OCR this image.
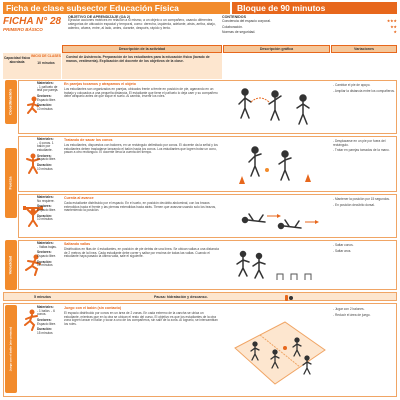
Ficha de clase subsector Educación Física	Bloque de 90 minutos
FICHA N° 28
PRIMERO BÁSICO
OBJETIVO DE APRENDIZAJE (OA 2)
Ejecutar acciones motrices en relación a sí mismo, a un objeto o un compañero, usando diferentes categorías de ubicación espacial y temporal, como: derecha, izquierda, adelante, atrás, arriba, abajo, adentro, afuera, entre, al lado, antes, durante, después, rápido y lento.
CONTENIDOS
Conciencia del espacio corporal.	★★★
Colaboración.	★★
Normas de seguridad.	★
Descripción de la actividad	Descripción gráfica	Variaciones
Capacidad física abordada
INICIO DE CLASES
10 minutos
Control de Asistencia. Preparación de los estudiantes para la educación física (lavado de manos, vestimenta). Explicación del docente de los objetivos de la clase.
Coordinación
Fuerza
Velocidad

Materiales:
- 1 pañuelo de tela por pareja.

Sectores:
Espacio libre.

Duración:
10 minutos

En parejas tocamos y atrapamos el objeto
Los estudiantes son organizados en parejas, ubicados frente a frente en posición de pie, agarrando en un trabajo y colocados a una pequeña distancia. El estudiante que tiene el pañuelo lo deja caer y su compañero debe atraparlo antes de que toque el suelo. Al cambio, invertir los roles.

- Cambiar el pie de apoyo.

- Ampliar la distancia entre los compañeros.

Materiales:
- 4 conos. 1 balón por estudiante.

Sectores:
Espacio libre.

Duración:
10 minutos

Tratando de sacar los conos
Los estudiantes, dispuestos con balones, en un rectángulo delimitado por conos. El docente da la señal y los estudiantes deben trasladarse lanzando el balón hacia los conos. Los estudiantes que logren botar un cono, pasan a otro rectángulo. El docente lleva la cuenta del tiempo.

- Desplazarse en un pie por fuera del rectángulo.

- Trotar en parejas tomados de la mano.

Materiales:
No requiere.

Sectores:
Espacio libre.

Duración:
10 minutos

Cuerda al avance
Cada estudiante distribuido por el espacio. En el suelo, en posición decúbito abdominal, con los brazos extendidos hacia el frente y las piernas extendidas hacia atrás. Tienen que avanzar usando solo los brazos, manteniendo la posición.

- Mantener la posición por 15 segundos.

- En posición decúbito dorsal.

Materiales:
- Vallas bajas.

Sectores:
Espacio libre.

Duración:
15 minutos

Saltando vallas
Distribuidos en filas de 4 estudiantes, en posición de pie detrás de una línea. Se ubican vallas a una distancia de 2 metros de la línea. Cada estudiante debe correr y saltar por encima de todas las vallas. Cuando el estudiante haya pasado la última valla, sale el siguiente.

- Saltar conos.

- Saltar aros.

5 minutos	Pausa: hidratación y descanso.
Juego con el balón (sin contacto)

Materiales:
- 1 balón. - 6 conos.

Sectores:
Espacio libre.

Duración:
15 minutos

Juego con el balón (sin contacto)
El espacio distribuido por conos en un área de 2 zonas. En cada extremo de la cancha se ubica un estudiante, mientras que en la otra se ubican el resto del curso. El objetivo es que los estudiantes de la otra zona logren lanzar el balón y tocar a uno de los compañeros, sin salir de la zona. Al lograrlo, se intercambian los roles.

- Jugar con 2 balones.

- Reducir el área de juego.
